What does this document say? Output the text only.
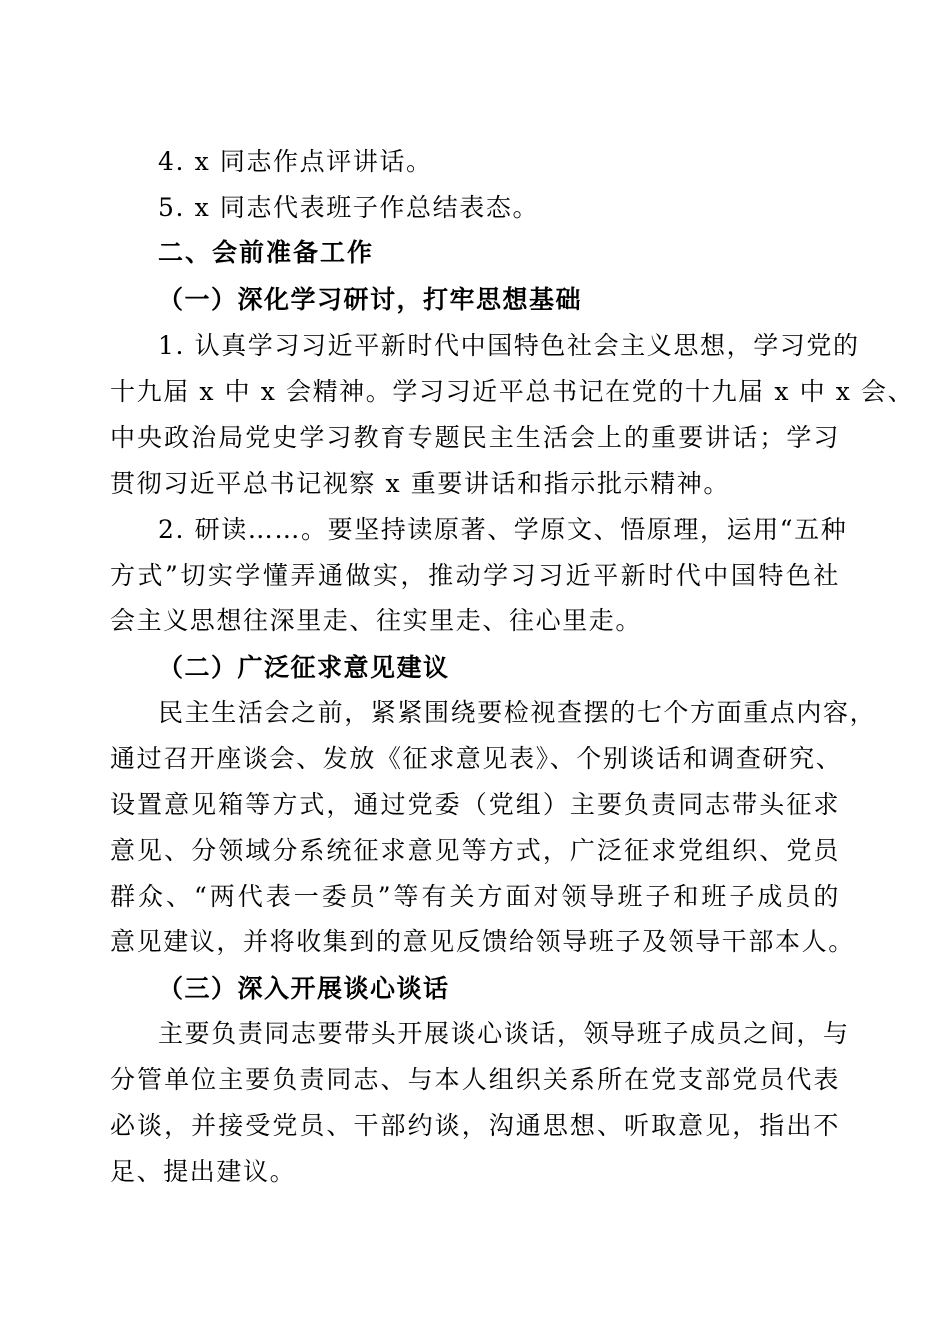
4. x 同志作点评讲话。
5. x 同志代表班子作总结表态。
二、会前准备工作
（一）深化学习研讨，打牢思想基础
1. 认真学习习近平新时代中国特色社会主义思想，学习党的
十九届 x 中 x 会精神。学习习近平总书记在党的十九届 x 中 x 会、
中央政治局党史学习教育专题民主生活会上的重要讲话；学习
贯彻习近平总书记视察 x 重要讲话和指示批示精神。
2. 研读……。要坚持读原著、学原文、悟原理，运用“五种
方式”切实学懂弄通做实，推动学习习近平新时代中国特色社
会主义思想往深里走、往实里走、往心里走。
（二）广泛征求意见建议
民主生活会之前，紧紧围绕要检视查摆的七个方面重点内容，
通过召开座谈会、发放《征求意见表》、个别谈话和调查研究、
设置意见箱等方式，通过党委（党组）主要负责同志带头征求
意见、分领域分系统征求意见等方式，广泛征求党组织、党员
群众、“两代表一委员”等有关方面对领导班子和班子成员的
意见建议，并将收集到的意见反馈给领导班子及领导干部本人。
（三）深入开展谈心谈话
主要负责同志要带头开展谈心谈话，领导班子成员之间，与
分管单位主要负责同志、与本人组织关系所在党支部党员代表
必谈，并接受党员、干部约谈，沟通思想、听取意见，指出不
足、提出建议。
